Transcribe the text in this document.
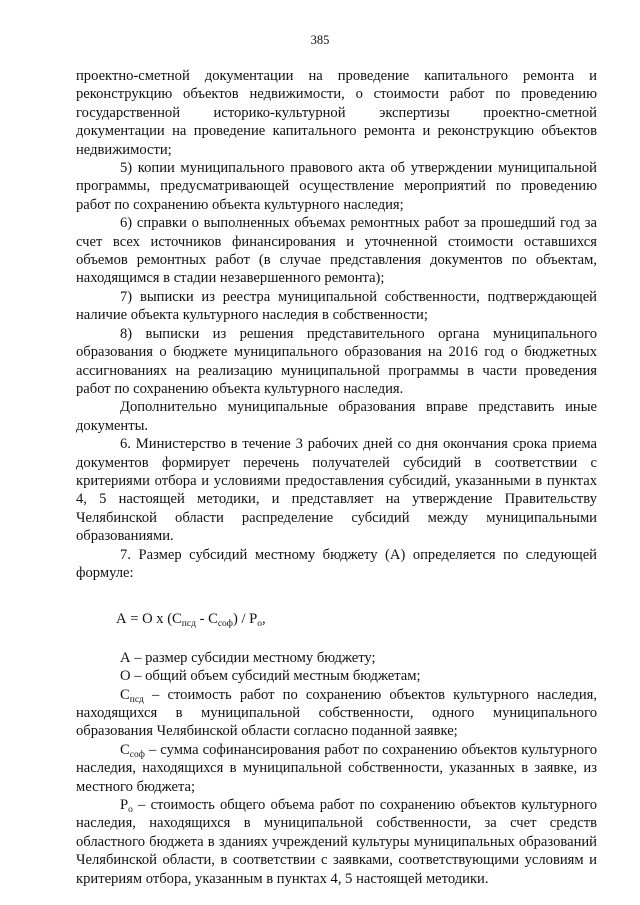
385

проектно-сметной документации на проведение капитального ремонта и реконструкцию объектов недвижимости, о стоимости работ по проведению государственной историко-культурной экспертизы проектно-сметной документации на проведение капитального ремонта и реконструкцию объектов недвижимости;

5) копии муниципального правового акта об утверждении муниципальной программы, предусматривающей осуществление мероприятий по проведению работ по сохранению объекта культурного наследия;

6) справки о выполненных объемах ремонтных работ за прошедший год за счет всех источников финансирования и уточненной стоимости оставшихся объемов ремонтных работ (в случае представления документов по объектам, находящимся в стадии незавершенного ремонта);

7) выписки из реестра муниципальной собственности, подтверждающей наличие объекта культурного наследия в собственности;

8) выписки из решения представительного органа муниципального образования о бюджете муниципального образования на 2016 год о бюджетных ассигнованиях на реализацию муниципальной программы в части проведения работ по сохранению объекта культурного наследия.

Дополнительно муниципальные образования вправе представить иные документы.

6. Министерство в течение 3 рабочих дней со дня окончания срока приема документов формирует перечень получателей субсидий в соответствии с критериями отбора и условиями предоставления субсидий, указанными в пунктах 4, 5 настоящей методики, и представляет на утверждение Правительству Челябинской области распределение субсидий между муниципальными образованиями.

7. Размер субсидий местному бюджету (А) определяется по следующей формуле:

А = О х $(С_{псд} - С_{соф}) / Р_о$,

А – размер субсидии местному бюджету;

О – общий объем субсидий местным бюджетам;

$С_{псд}$ – стоимость работ по сохранению объектов культурного наследия, находящихся в муниципальной собственности, одного муниципального образования Челябинской области согласно поданной заявке;

$С_{соф}$ – сумма софинансирования работ по сохранению объектов культурного наследия, находящихся в муниципальной собственности, указанных в заявке, из местного бюджета;

$Р_о$ – стоимость общего объема работ по сохранению объектов культурного наследия, находящихся в муниципальной собственности, за счет средств областного бюджета в зданиях учреждений культуры муниципальных образований Челябинской области, в соответствии с заявками, соответствующими условиям и критериям отбора, указанным в пунктах 4, 5 настоящей методики.
